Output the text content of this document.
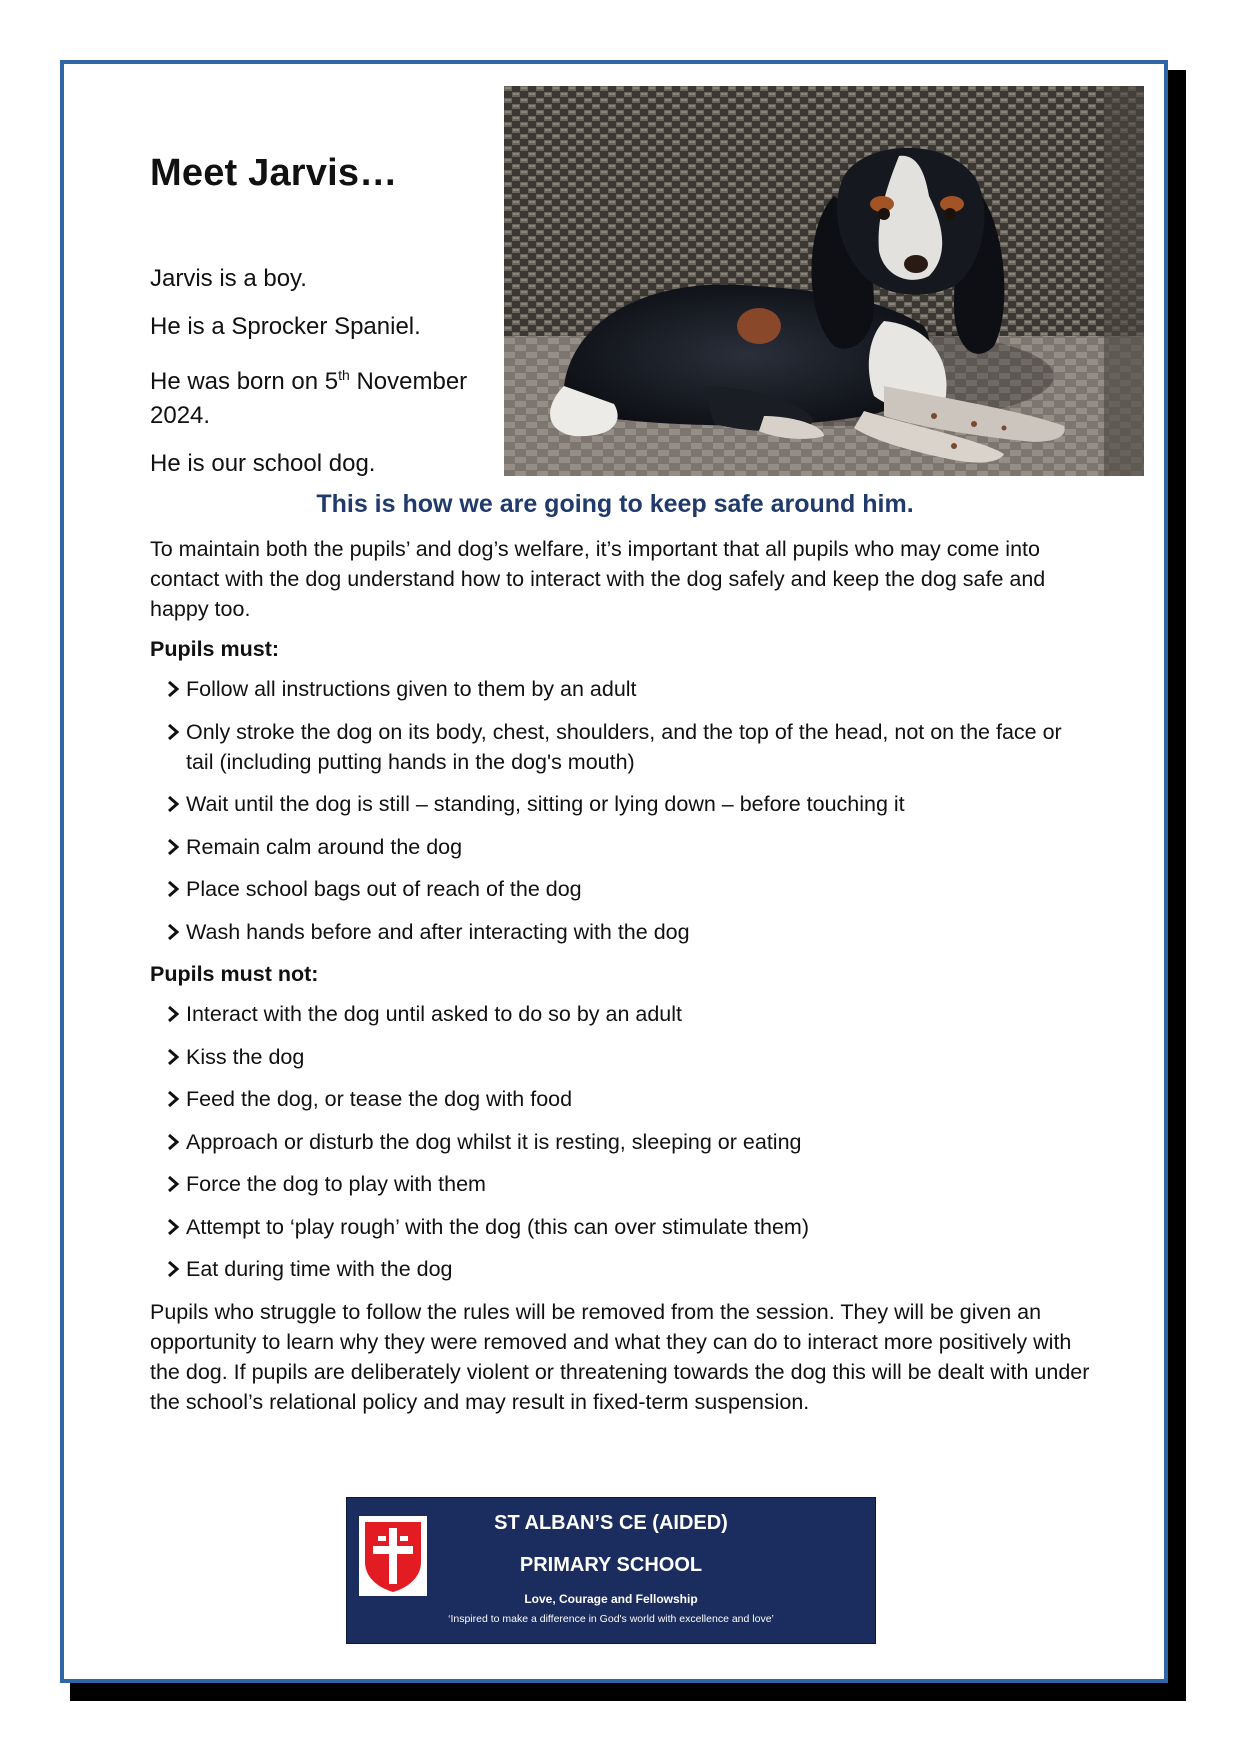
Meet Jarvis…

Jarvis is a boy.

He is a Sprocker Spaniel.

He was born on 5th November 2024.

He is our school dog.

This is how we are going to keep safe around him.

To maintain both the pupils’ and dog’s welfare, it’s important that all pupils who may come into contact with the dog understand how to interact with the dog safely and keep the dog safe and happy too.

Pupils must:
Follow all instructions given to them by an adult
Only stroke the dog on its body, chest, shoulders, and the top of the head, not on the face or tail (including putting hands in the dog's mouth)
Wait until the dog is still – standing, sitting or lying down – before touching it
Remain calm around the dog
Place school bags out of reach of the dog
Wash hands before and after interacting with the dog
Pupils must not:
Interact with the dog until asked to do so by an adult
Kiss the dog
Feed the dog, or tease the dog with food
Approach or disturb the dog whilst it is resting, sleeping or eating
Force the dog to play with them
Attempt to ‘play rough’ with the dog (this can over stimulate them)
Eat during time with the dog

Pupils who struggle to follow the rules will be removed from the session. They will be given an opportunity to learn why they were removed and what they can do to interact more positively with the dog. If pupils are deliberately violent or threatening towards the dog this will be dealt with under the school’s relational policy and may result in fixed-term suspension.

ST ALBAN’S CE (AIDED)
PRIMARY SCHOOL
Love, Courage and Fellowship
‘Inspired to make a difference in God's world with excellence and love’
